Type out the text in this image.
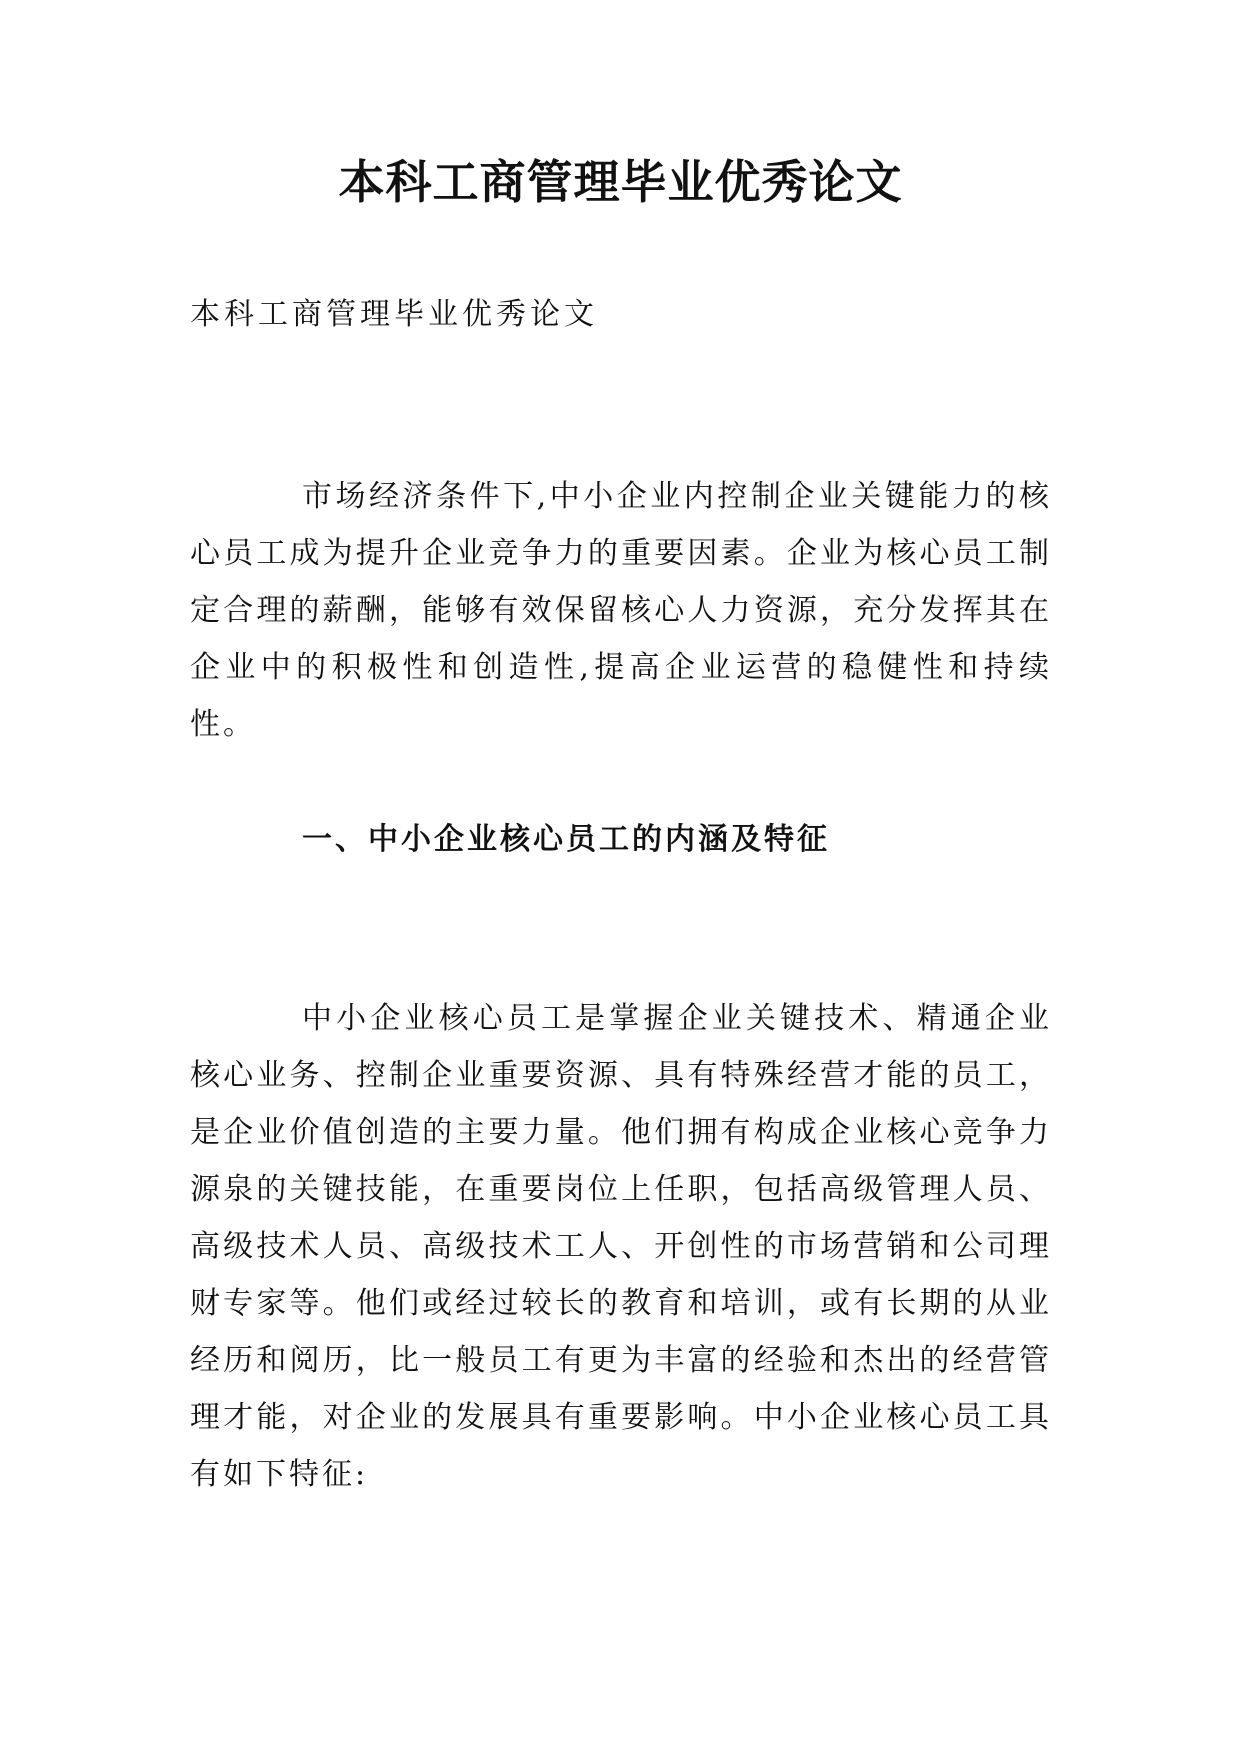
本科工商管理毕业优秀论文

本科工商管理毕业优秀论文

市场经济条件下,中小企业内控制企业关键能力的核心员工成为提升企业竞争力的重要因素。企业为核心员工制定合理的薪酬，能够有效保留核心人力资源，充分发挥其在企业中的积极性和创造性,提高企业运营的稳健性和持续性。

一、中小企业核心员工的内涵及特征

中小企业核心员工是掌握企业关键技术、精通企业核心业务、控制企业重要资源、具有特殊经营才能的员工，是企业价值创造的主要力量。他们拥有构成企业核心竞争力源泉的关键技能，在重要岗位上任职，包括高级管理人员、高级技术人员、高级技术工人、开创性的市场营销和公司理财专家等。他们或经过较长的教育和培训，或有长期的从业经历和阅历，比一般员工有更为丰富的经验和杰出的经营管理才能，对企业的发展具有重要影响。中小企业核心员工具有如下特征:
